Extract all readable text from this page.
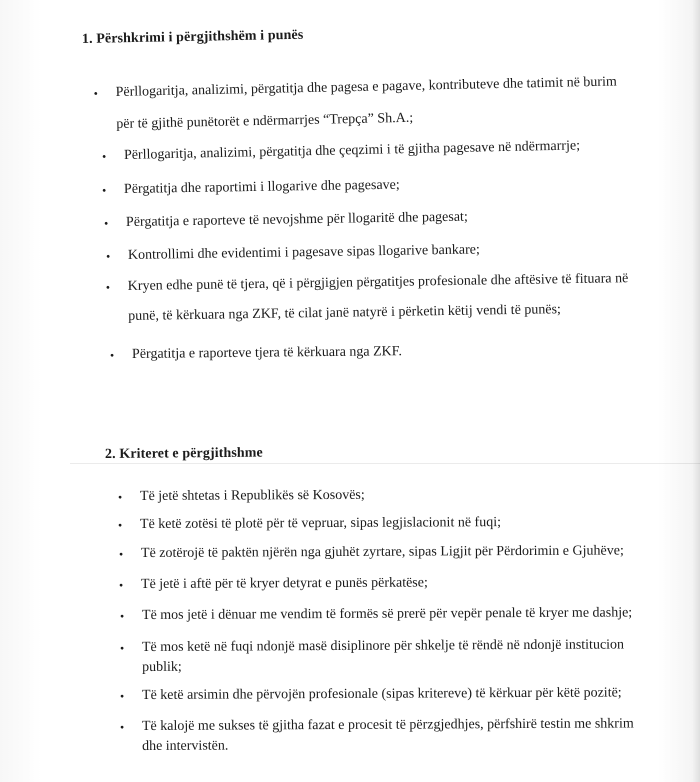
1. Përshkrimi i përgjithshëm i punës
• Përllogaritja, analizimi, përgatitja dhe pagesa e pagave, kontributeve dhe tatimit në burim
për të gjithë punëtorët e ndërmarrjes “Trepça” Sh.A.;
• Përllogaritja, analizimi, përgatitja dhe çeqzimi i të gjitha pagesave në ndërmarrje;
• Përgatitja dhe raportimi i llogarive dhe pagesave;
• Përgatitja e raporteve të nevojshme për llogaritë dhe pagesat;
• Kontrollimi dhe evidentimi i pagesave sipas llogarive bankare;
• Kryen edhe punë të tjera, që i përgjigjen përgatitjes profesionale dhe aftësive të fituara në
punë, të kërkuara nga ZKF, të cilat janë natyrë i përketin këtij vendi të punës;
• Përgatitja e raporteve tjera të kërkuara nga ZKF.
2. Kriteret e përgjithshme
• Të jetë shtetas i Republikës së Kosovës;
• Të ketë zotësi të plotë për të vepruar, sipas legjislacionit në fuqi;
• Të zotërojë të paktën njërën nga gjuhët zyrtare, sipas Ligjit për Përdorimin e Gjuhëve;
• Të jetë i aftë për të kryer detyrat e punës përkatëse;
• Të mos jetë i dënuar me vendim të formës së prerë për vepër penale të kryer me dashje;
• Të mos ketë në fuqi ndonjë masë disiplinore për shkelje të rëndë në ndonjë institucion
publik;
• Të ketë arsimin dhe përvojën profesionale (sipas kritereve) të kërkuar për këtë pozitë;
• Të kalojë me sukses të gjitha fazat e procesit të përzgjedhjes, përfshirë testin me shkrim
dhe intervistën.
